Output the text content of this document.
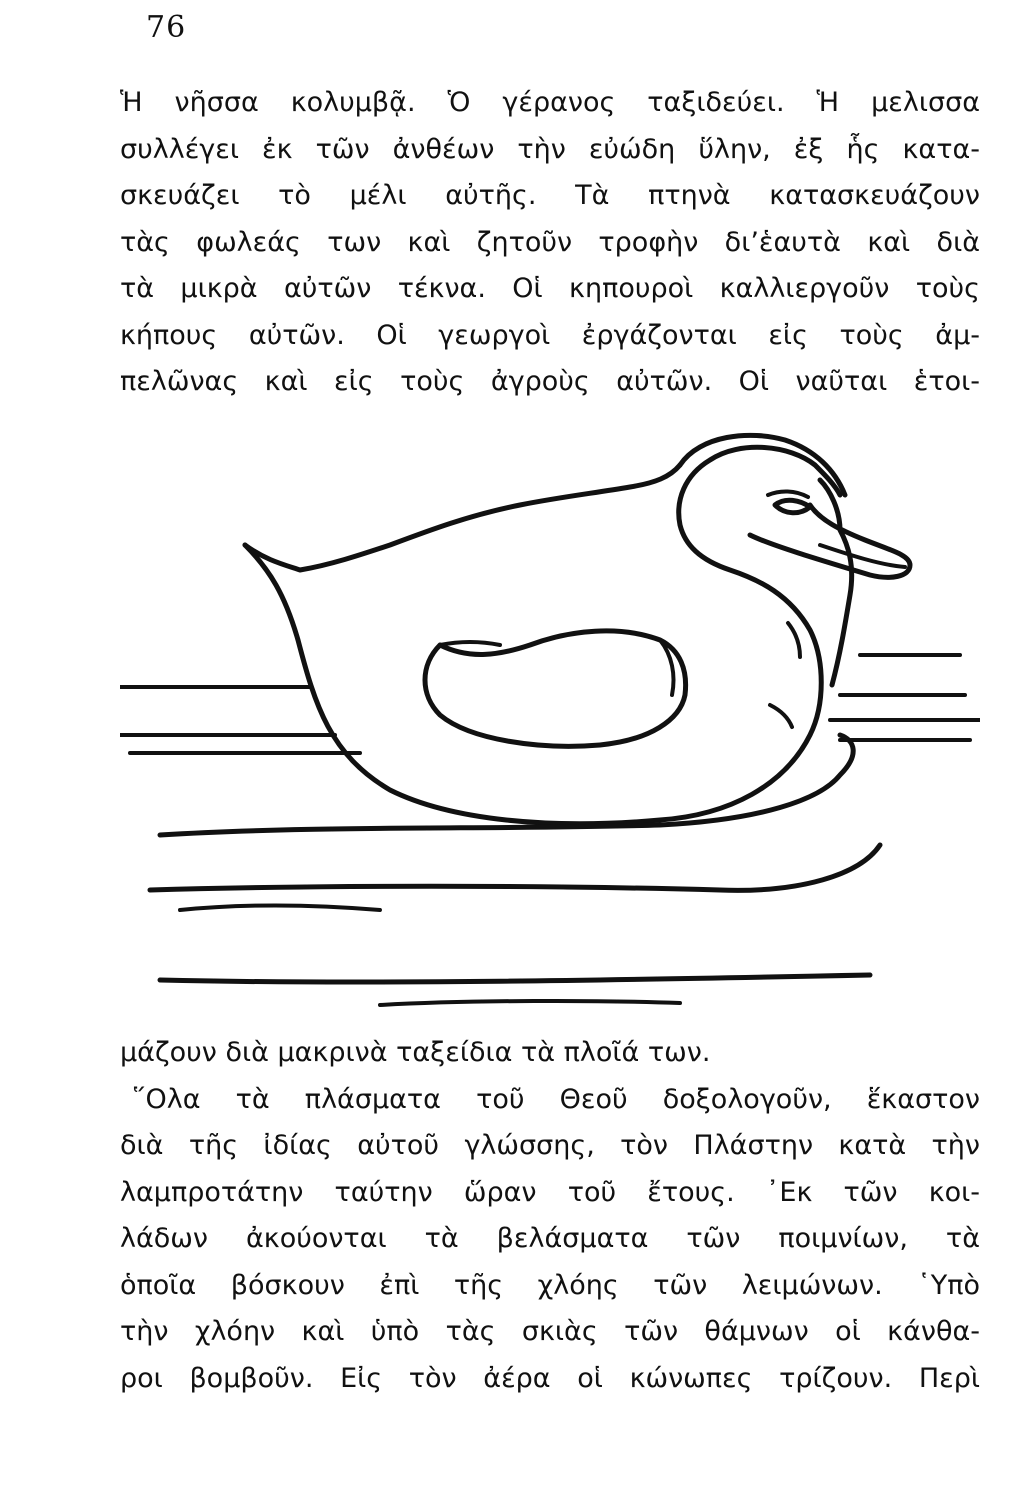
76
Ἡ νῆσσα κολυμβᾷ. Ὁ γέρανος ταξιδεύει. Ἡ μελισσα
συλλέγει ἐκ τῶν ἀνθέων τὴν εὐώδη ὕλην, ἐξ ἧς κατα-
σκευάζει τὸ μέλι αὐτῆς. Τὰ πτηνὰ κατασκευάζουν
τὰς φωλεάς των καὶ ζητοῦν τροφὴν δι’ἑαυτὰ καὶ διὰ
τὰ μικρὰ αὐτῶν τέκνα. Οἱ κηπουροὶ καλλιεργοῦν τοὺς
κήπους αὐτῶν. Οἱ γεωργοὶ ἐργάζονται εἰς τοὺς ἀμ-
πελῶνας καὶ εἰς τοὺς ἀγροὺς αὐτῶν. Οἱ ναῦται ἑτοι-
μάζουν διὰ μακρινὰ ταξείδια τὰ πλοῖά των.
῞Ολα τὰ πλάσματα τοῦ Θεοῦ δοξολογοῦν, ἕκαστον
διὰ τῆς ἰδίας αὐτοῦ γλώσσης, τὸν Πλάστην κατὰ τὴν
λαμπροτάτην ταύτην ὥραν τοῦ ἔτους. ᾿Εκ τῶν κοι-
λάδων ἀκούονται τὰ βελάσματα τῶν ποιμνίων, τὰ
ὁποῖα βόσκουν ἐπὶ τῆς χλόης τῶν λειμώνων. ῾Υπὸ
τὴν χλόην καὶ ὑπὸ τὰς σκιὰς τῶν θάμνων οἱ κάνθα-
ροι βομβοῦν. Εἰς τὸν ἀέρα οἱ κώνωπες τρίζουν. Περὶ
